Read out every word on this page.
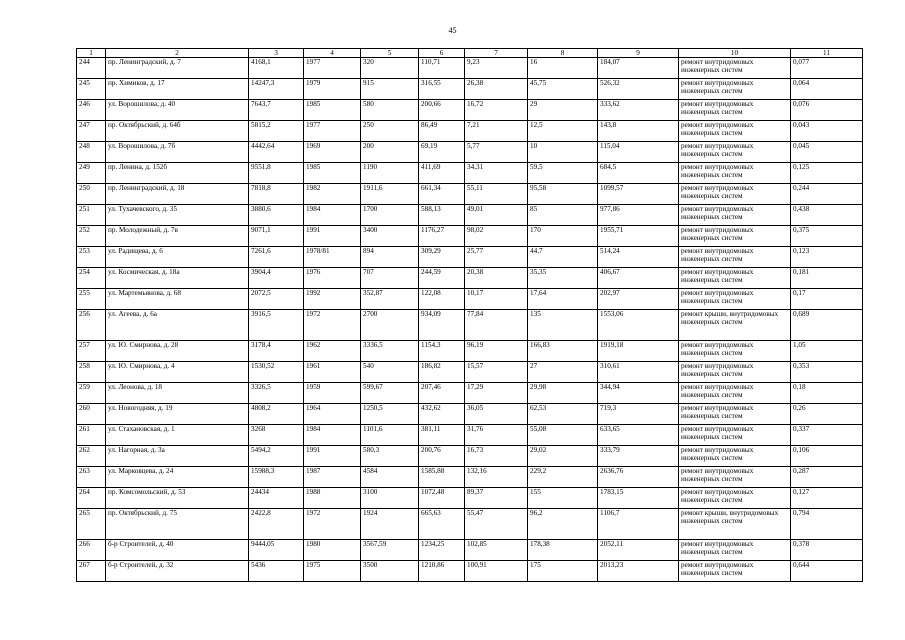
45
1	2	3	4	5	6	7	8	9	10	11
244	пр. Ленинградский, д. 7	4168,1	1977	320	110,71	9,23	16	184,07	ремонт внутридомовых инженерных систем	0,077
245	пр. Химиков, д. 17	14247,3	1979	915	316,55	26,38	45,75	526,32	ремонт внутридомовых инженерных систем	0,064
246	ул. Ворошилова, д. 40	7643,7	1985	580	200,66	16,72	29	333,62	ремонт внутридомовых инженерных систем	0,076
247	пр. Октябрьский, д. 64б	5815,2	1977	250	86,49	7,21	12,5	143,8	ремонт внутридомовых инженерных систем	0,043
248	ул. Ворошилова, д. 7б	4442,64	1969	200	69,19	5,77	10	115,04	ремонт внутридомовых инженерных систем	0,045
249	пр. Ленина, д. 152б	9551,8	1985	1190	411,69	34,31	59,5	684,5	ремонт внутридомовых инженерных систем	0,125
250	пр. Ленинградский, д. 18	7818,8	1982	1911,6	661,34	55,11	95,58	1099,57	ремонт внутридомовых инженерных систем	0,244
251	ул. Тухачевского, д. 35	3880,6	1984	1700	588,13	49,01	85	977,86	ремонт внутридомовых инженерных систем	0,438
252	пр. Молодежный, д. 7в	9071,1	1991	3400	1176,27	98,02	170	1955,71	ремонт внутридомовых инженерных систем	0,375
253	ул. Радищева, д. 6	7261,6	1978/81	894	309,29	25,77	44,7	514,24	ремонт внутридомовых инженерных систем	0,123
254	ул. Космическая, д. 18а	3904,4	1976	707	244,59	20,38	35,35	406,67	ремонт внутридомовых инженерных систем	0,181
255	ул. Мартемьянова, д. 68	2072,5	1992	352,87	122,08	10,17	17,64	202,97	ремонт внутридомовых инженерных систем	0,17
256	ул. Агеева, д. 6а	3916,5	1972	2700	934,09	77,84	135	1553,06	ремонт крыши, внутридомовых инженерных систем	0,689
257	ул. Ю. Смирнова, д. 28	3178,4	1962	3336,5	1154,3	96,19	166,83	1919,18	ремонт внутридомовых инженерных систем	1,05
258	ул. Ю. Смирнова, д. 4	1530,52	1961	540	186,82	15,57	27	310,61	ремонт внутридомовых инженерных систем	0,353
259	ул. Леонова, д. 18	3326,5	1959	599,67	207,46	17,29	29,98	344,94	ремонт внутридомовых инженерных систем	0,18
260	ул. Новогодняя, д. 19	4808,2	1964	1250,5	432,62	36,05	62,53	719,3	ремонт внутридомовых инженерных систем	0,26
261	ул. Стахановская, д. 1	3268	1984	1101,6	381,11	31,76	55,08	633,65	ремонт внутридомовых инженерных систем	0,337
262	ул. Нагорная, д. 3а	5494,2	1991	580,3	200,76	16,73	29,02	333,79	ремонт внутридомовых инженерных систем	0,106
263	ул. Марковцева, д. 24	15988,3	1987	4584	1585,88	132,16	229,2	2636,76	ремонт внутридомовых инженерных систем	0,287
264	пр. Комсомольский, д. 53	24434	1988	3100	1072,48	89,37	155	1783,15	ремонт внутридомовых инженерных систем	0,127
265	пр. Октябрьский, д. 75	2422,8	1972	1924	665,63	55,47	96,2	1106,7	ремонт крыши, внутридомовых инженерных систем	0,794
266	б-р Строителей, д. 40	9444,05	1980	3567,59	1234,25	102,85	178,38	2052,11	ремонт внутридомовых инженерных систем	0,378
267	б-р Строителей, д. 32	5436	1975	3500	1210,86	100,91	175	2013,23	ремонт внутридомовых инженерных систем	0,644
